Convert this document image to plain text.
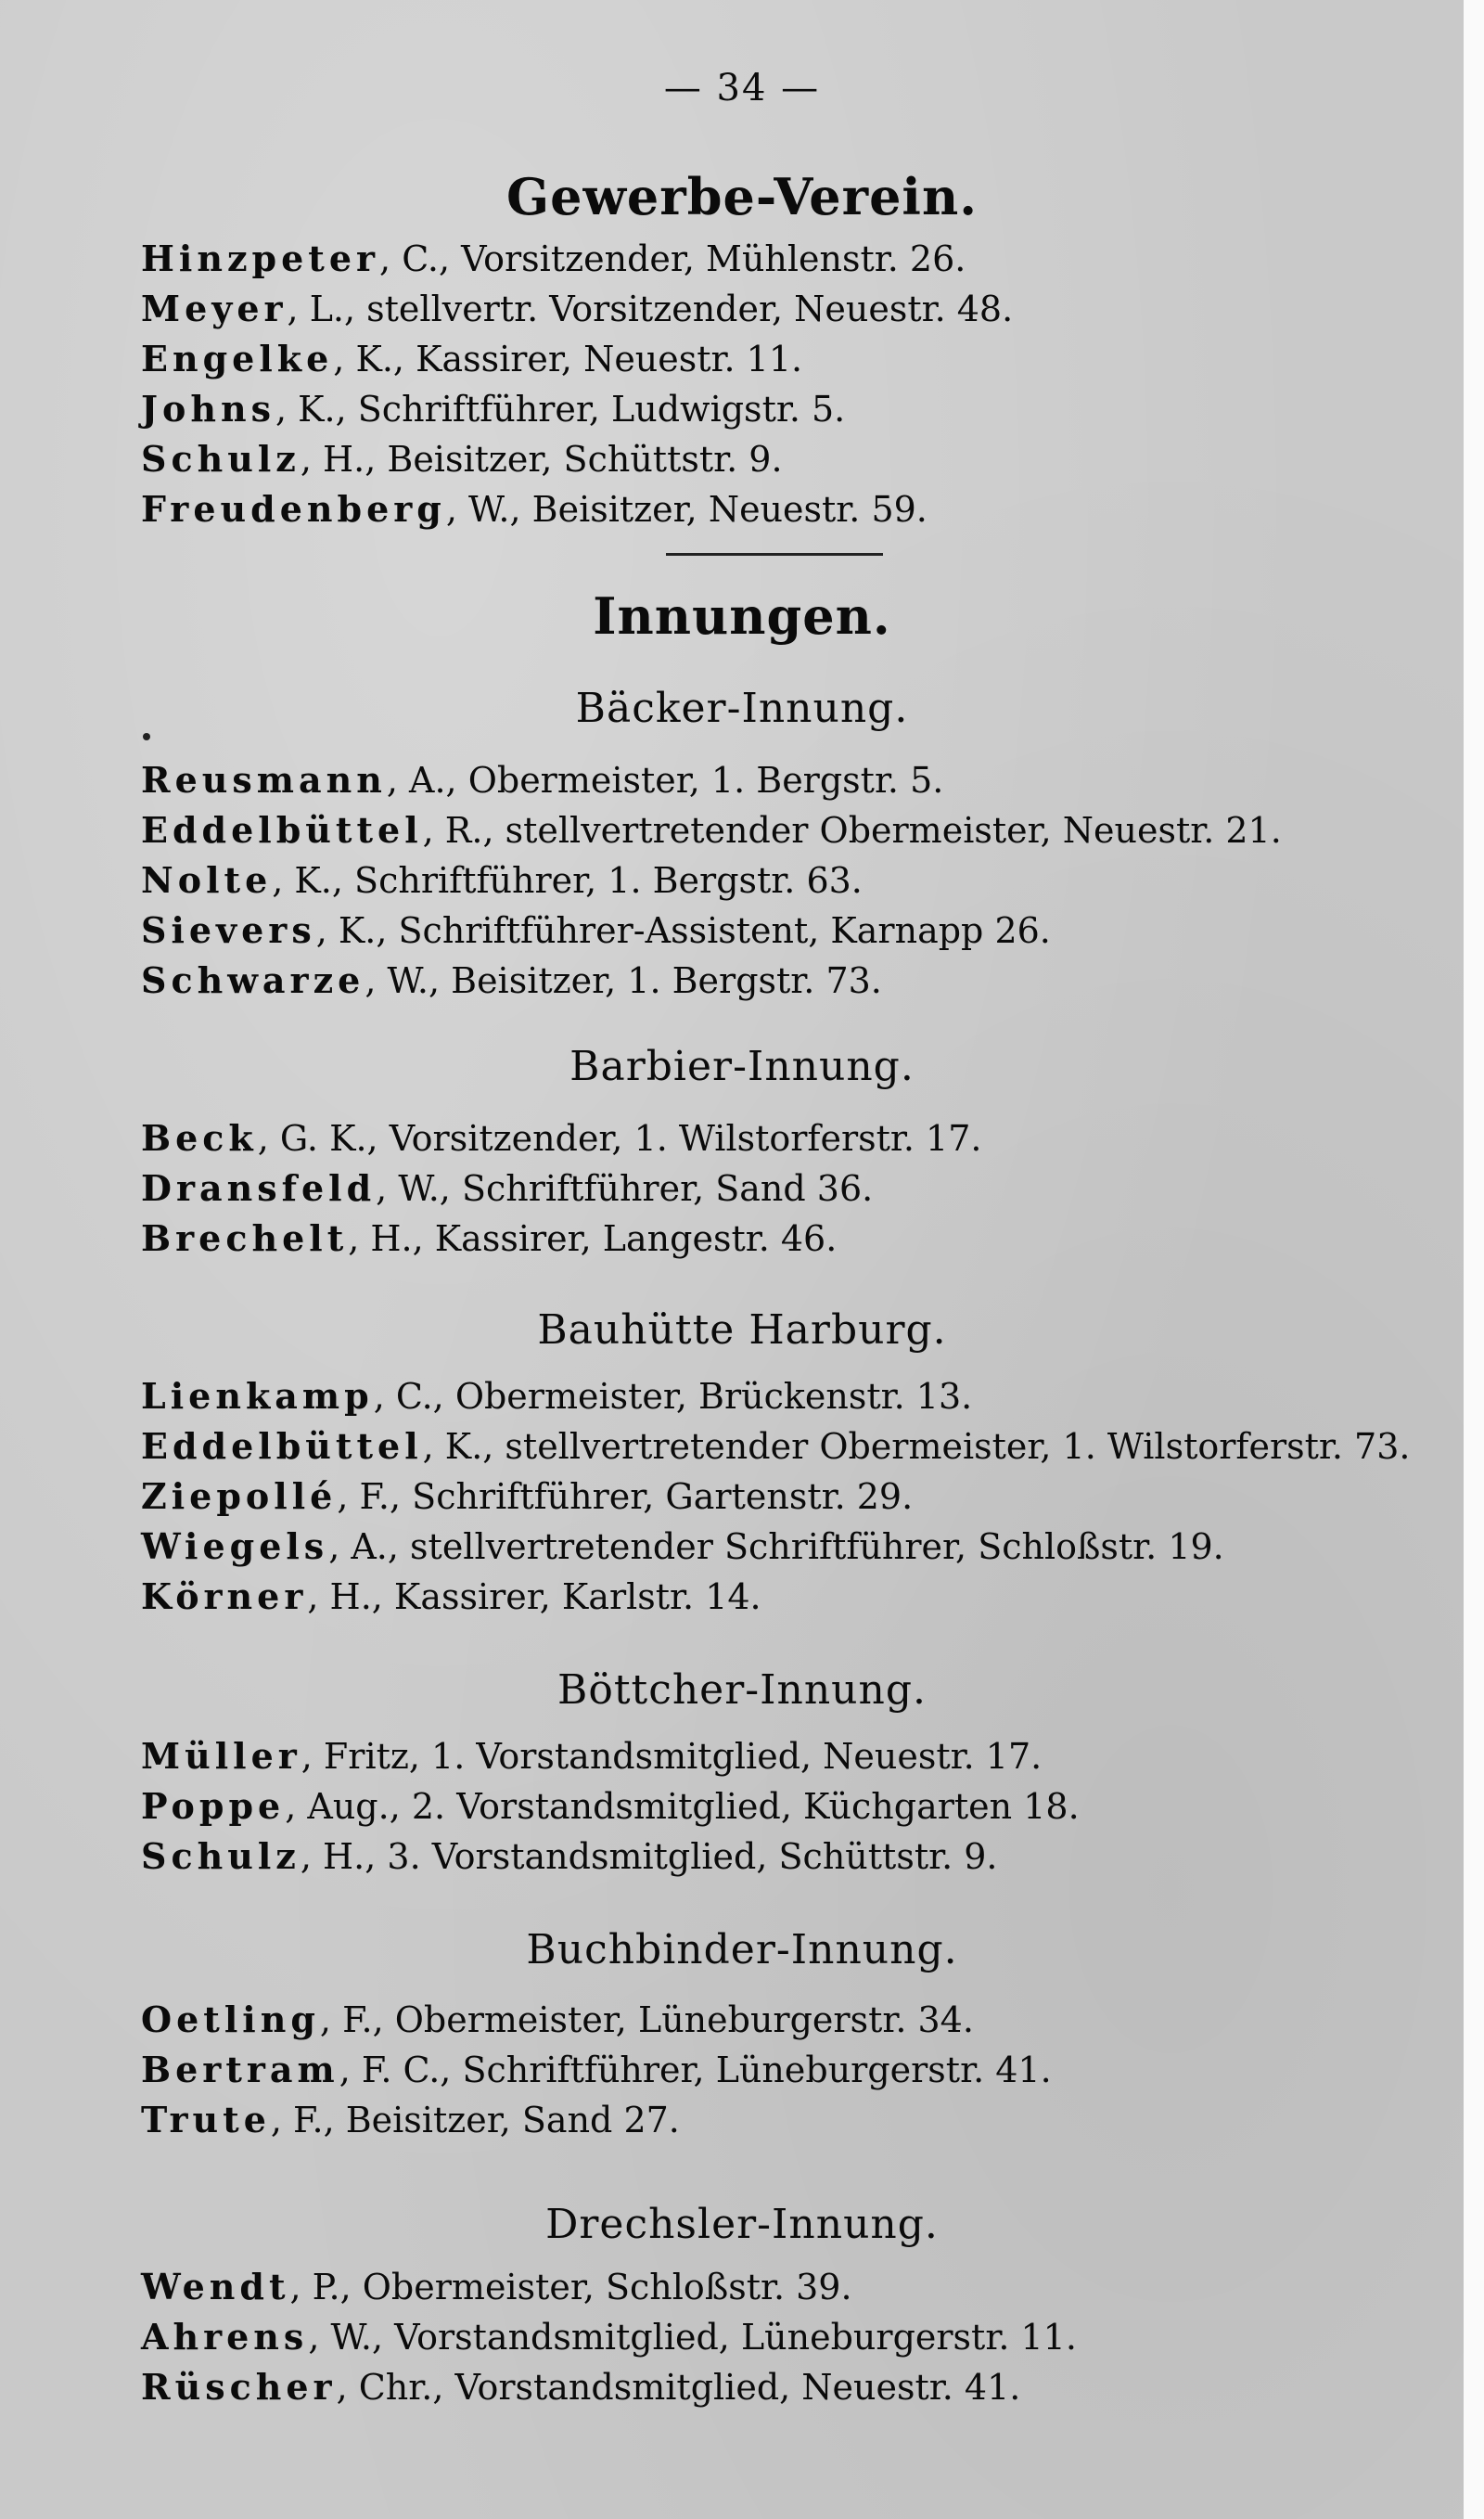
— 34 —
Gewerbe-Verein.
Hinzpeter, C., Vorsitzender, Mühlenstr. 26.
Meyer, L., stellvertr. Vorsitzender, Neuestr. 48.
Engelke, K., Kassirer, Neuestr. 11.
Johns, K., Schriftführer, Ludwigstr. 5.
Schulz, H., Beisitzer, Schüttstr. 9.
Freudenberg, W., Beisitzer, Neuestr. 59.
Innungen.
Bäcker-Innung.
Reusmann, A., Obermeister, 1. Bergstr. 5.
Eddelbüttel, R., stellvertretender Obermeister, Neuestr. 21.
Nolte, K., Schriftführer, 1. Bergstr. 63.
Sievers, K., Schriftführer-Assistent, Karnapp 26.
Schwarze, W., Beisitzer, 1. Bergstr. 73.
Barbier-Innung.
Beck, G. K., Vorsitzender, 1. Wilstorferstr. 17.
Dransfeld, W., Schriftführer, Sand 36.
Brechelt, H., Kassirer, Langestr. 46.
Bauhütte Harburg.
Lienkamp, C., Obermeister, Brückenstr. 13.
Eddelbüttel, K., stellvertretender Obermeister, 1. Wilstorferstr. 73.
Ziepollé, F., Schriftführer, Gartenstr. 29.
Wiegels, A., stellvertretender Schriftführer, Schloßstr. 19.
Körner, H., Kassirer, Karlstr. 14.
Böttcher-Innung.
Müller, Fritz, 1. Vorstandsmitglied, Neuestr. 17.
Poppe, Aug., 2. Vorstandsmitglied, Küchgarten 18.
Schulz, H., 3. Vorstandsmitglied, Schüttstr. 9.
Buchbinder-Innung.
Oetling, F., Obermeister, Lüneburgerstr. 34.
Bertram, F. C., Schriftführer, Lüneburgerstr. 41.
Trute, F., Beisitzer, Sand 27.
Drechsler-Innung.
Wendt, P., Obermeister, Schloßstr. 39.
Ahrens, W., Vorstandsmitglied, Lüneburgerstr. 11.
Rüscher, Chr., Vorstandsmitglied, Neuestr. 41.
